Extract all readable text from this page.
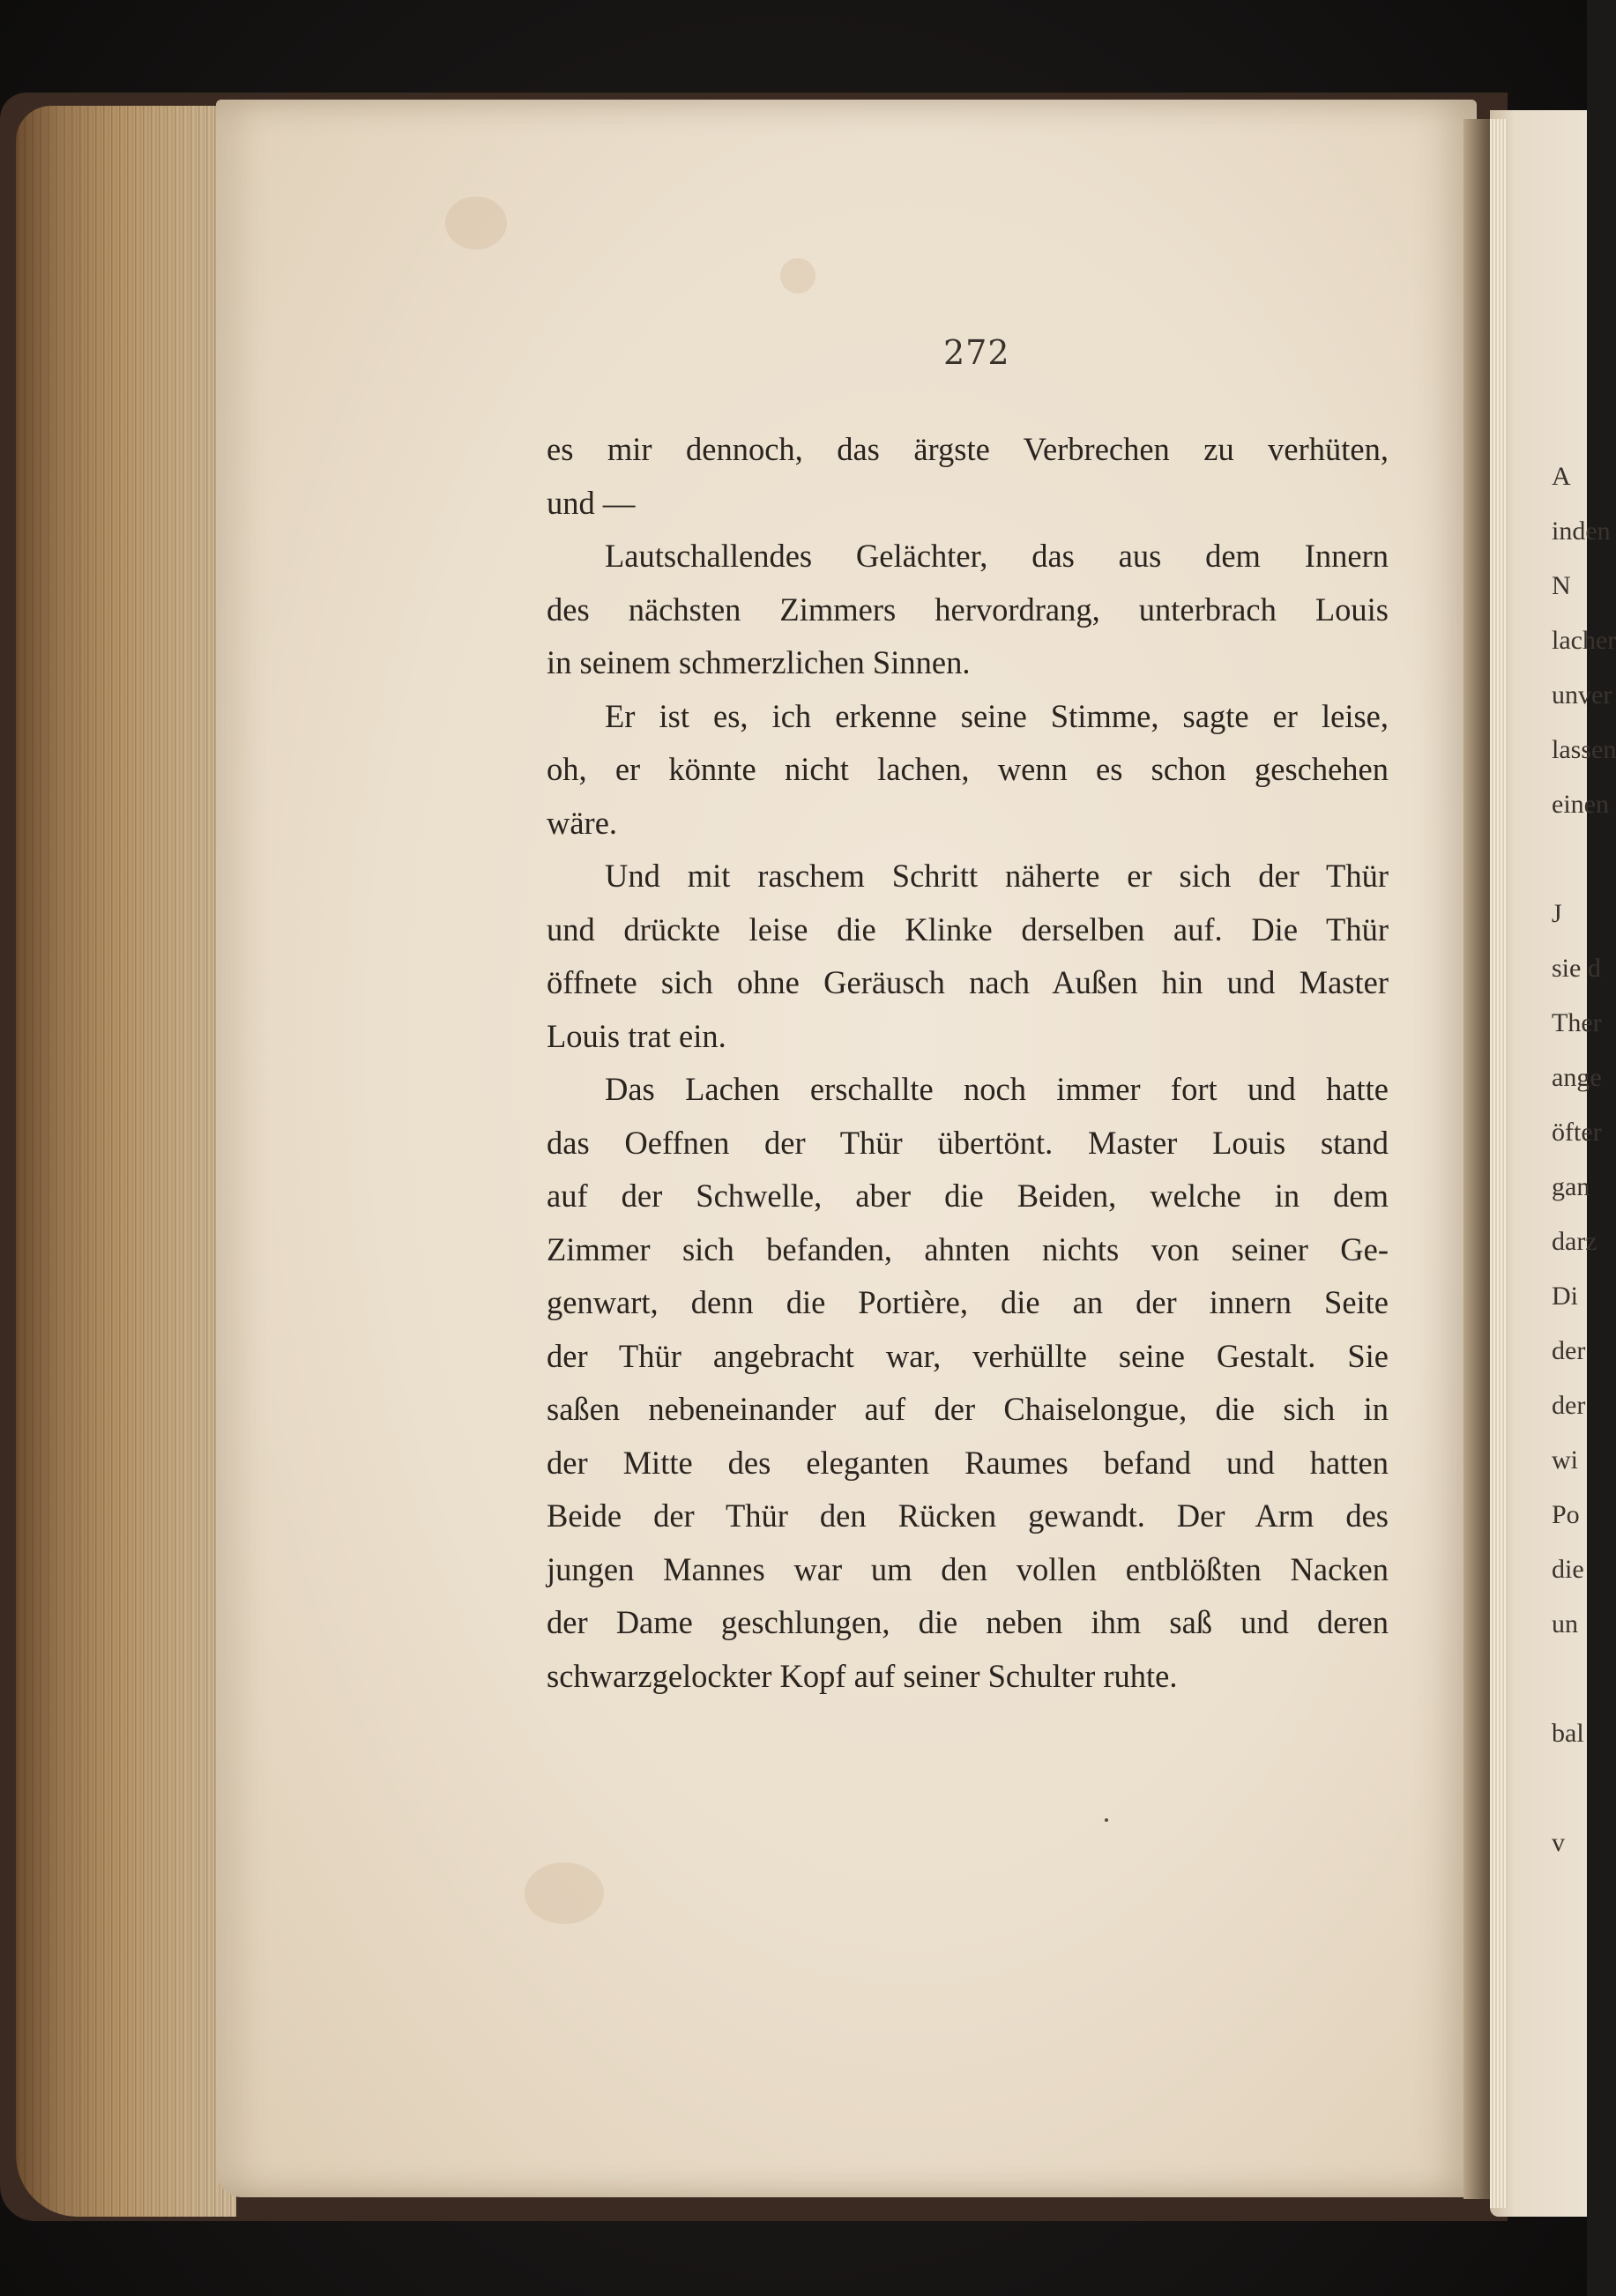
272
es mir dennoch, das ärgste Verbrechen zu verhüten,
und —
Lautschallendes Gelächter, das aus dem Innern
des nächsten Zimmers hervordrang, unterbrach Louis
in seinem schmerzlichen Sinnen.
Er ist es, ich erkenne seine Stimme, sagte er leise,
oh, er könnte nicht lachen, wenn es schon geschehen
wäre.
Und mit raschem Schritt näherte er sich der Thür
und drückte leise die Klinke derselben auf. Die Thür
öffnete sich ohne Geräusch nach Außen hin und Master
Louis trat ein.
Das Lachen erschallte noch immer fort und hatte
das Oeffnen der Thür übertönt. Master Louis stand
auf der Schwelle, aber die Beiden, welche in dem
Zimmer sich befanden, ahnten nichts von seiner Ge-
genwart, denn die Portière, die an der innern Seite
der Thür angebracht war, verhüllte seine Gestalt. Sie
saßen nebeneinander auf der Chaiselongue, die sich in
der Mitte des eleganten Raumes befand und hatten
Beide der Thür den Rücken gewandt. Der Arm des
jungen Mannes war um den vollen entblößten Nacken
der Dame geschlungen, die neben ihm saß und deren
schwarzgelockter Kopf auf seiner Schulter ruhte.
A
inden
N
lacher
unver
lassen
einen
J
sie d
Ther
ange
öfter
gan
darz
Di
der
der
wi
Po
die
un
bal
v
